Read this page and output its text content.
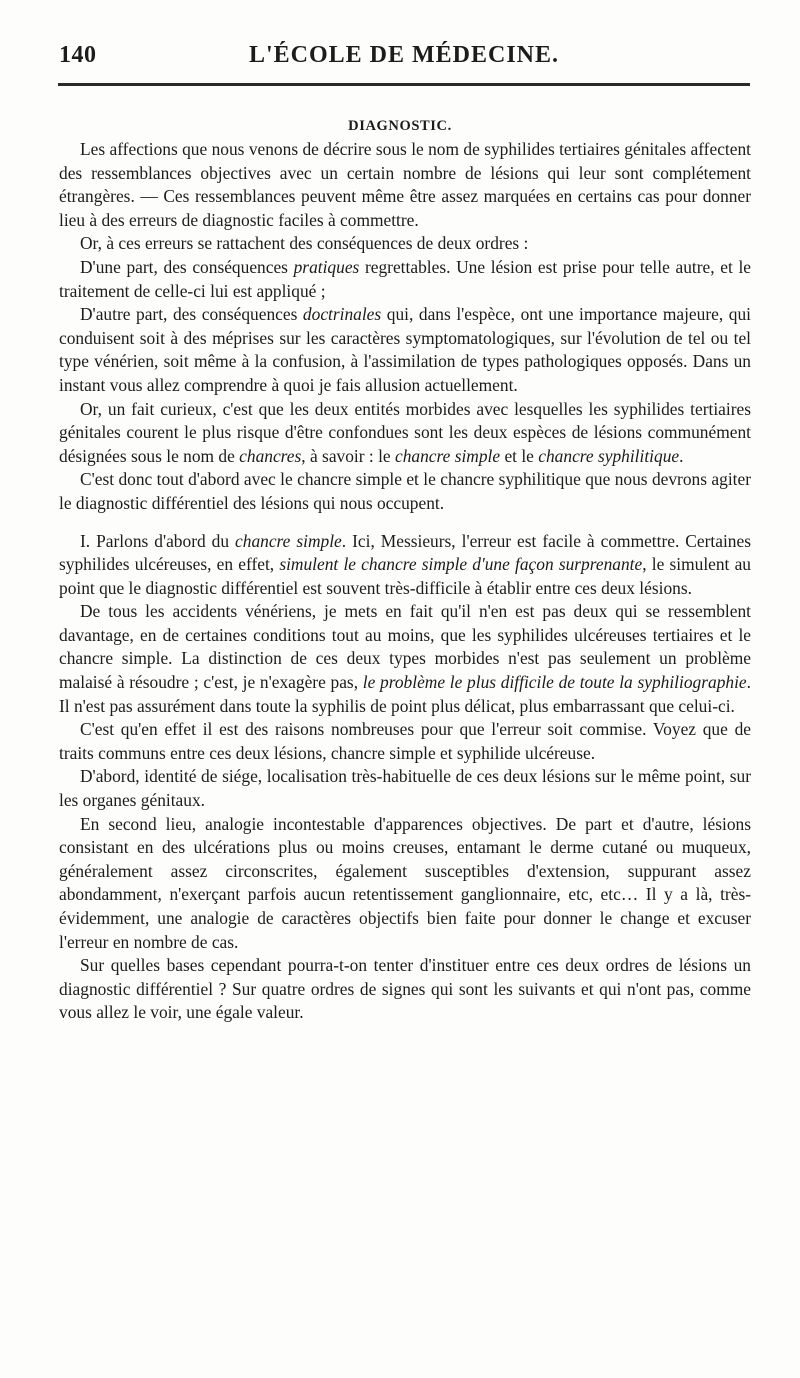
140	L'ÉCOLE DE MÉDECINE.
DIAGNOSTIC.

Les affections que nous venons de décrire sous le nom de syphilides tertiaires génitales affectent des ressemblances objectives avec un certain nombre de lésions qui leur sont complétement étrangères. — Ces ressemblances peuvent même être assez marquées en certains cas pour donner lieu à des erreurs de diagnostic faciles à commettre.

Or, à ces erreurs se rattachent des conséquences de deux ordres :

D'une part, des conséquences pratiques regrettables. Une lésion est prise pour telle autre, et le traitement de celle-ci lui est appliqué ;

D'autre part, des conséquences doctrinales qui, dans l'espèce, ont une importance majeure, qui conduisent soit à des méprises sur les caractères symptomatologiques, sur l'évolution de tel ou tel type vénérien, soit même à la confusion, à l'assimilation de types pathologiques opposés. Dans un instant vous allez comprendre à quoi je fais allusion actuellement.

Or, un fait curieux, c'est que les deux entités morbides avec lesquelles les syphilides tertiaires génitales courent le plus risque d'être confondues sont les deux espèces de lésions communément désignées sous le nom de chancres, à savoir : le chancre simple et le chancre syphilitique.

C'est donc tout d'abord avec le chancre simple et le chancre syphilitique que nous devrons agiter le diagnostic différentiel des lésions qui nous occupent.

I. Parlons d'abord du chancre simple. Ici, Messieurs, l'erreur est facile à commettre. Certaines syphilides ulcéreuses, en effet, simulent le chancre simple d'une façon surprenante, le simulent au point que le diagnostic différentiel est souvent très-difficile à établir entre ces deux lésions.

De tous les accidents vénériens, je mets en fait qu'il n'en est pas deux qui se ressemblent davantage, en de certaines conditions tout au moins, que les syphilides ulcéreuses tertiaires et le chancre simple. La distinction de ces deux types morbides n'est pas seulement un problème malaisé à résoudre ; c'est, je n'exagère pas, le problème le plus difficile de toute la syphiliographie. Il n'est pas assurément dans toute la syphilis de point plus délicat, plus embarrassant que celui-ci.

C'est qu'en effet il est des raisons nombreuses pour que l'erreur soit commise. Voyez que de traits communs entre ces deux lésions, chancre simple et syphilide ulcéreuse.

D'abord, identité de siége, localisation très-habituelle de ces deux lésions sur le même point, sur les organes génitaux.

En second lieu, analogie incontestable d'apparences objectives. De part et d'autre, lésions consistant en des ulcérations plus ou moins creuses, entamant le derme cutané ou muqueux, généralement assez circonscrites, également susceptibles d'extension, suppurant assez abondamment, n'exerçant parfois aucun retentissement ganglionnaire, etc, etc… Il y a là, très-évidemment, une analogie de caractères objectifs bien faite pour donner le change et excuser l'erreur en nombre de cas.

Sur quelles bases cependant pourra-t-on tenter d'instituer entre ces deux ordres de lésions un diagnostic différentiel ? Sur quatre ordres de signes qui sont les suivants et qui n'ont pas, comme vous allez le voir, une égale valeur.
